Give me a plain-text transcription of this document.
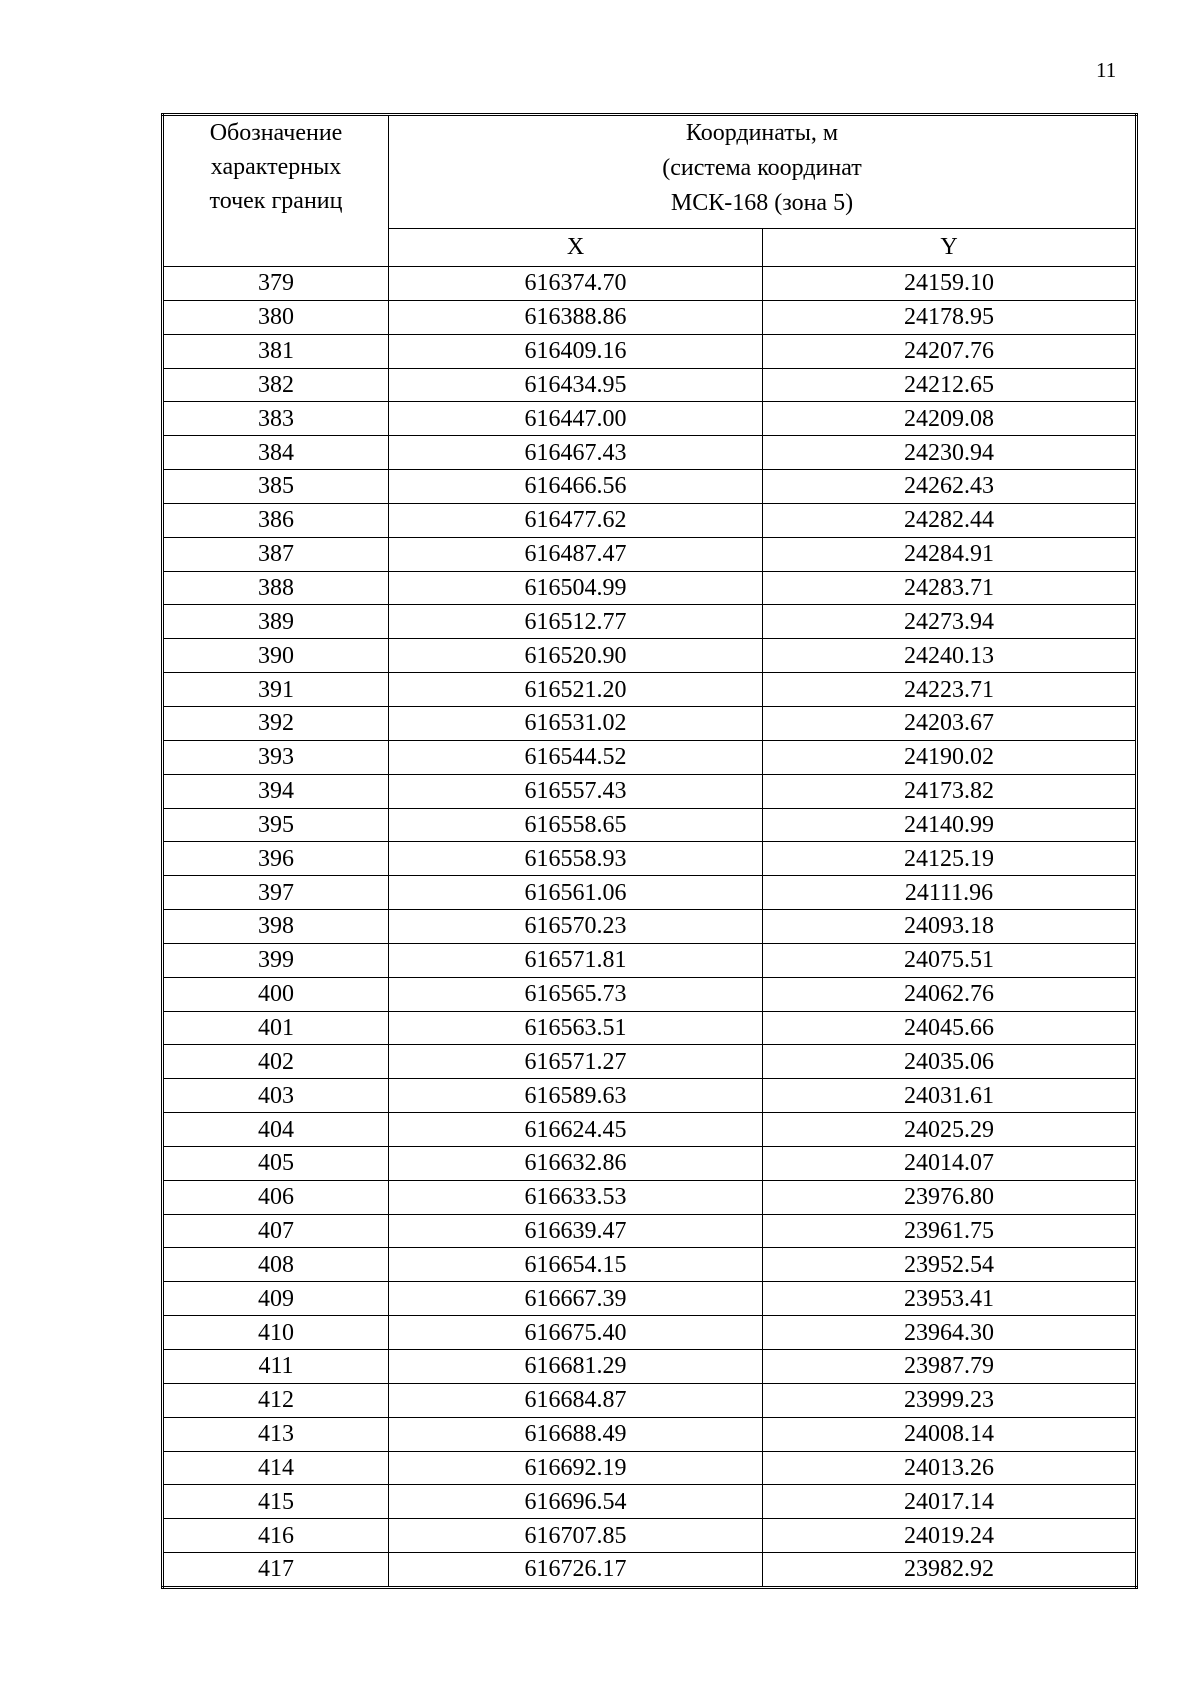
11
Обозначение
характерных
точек границ	Координаты, м
(система координат
МСК-168 (зона 5)	

	X	Y
379	616374.70	24159.10
380	616388.86	24178.95
381	616409.16	24207.76
382	616434.95	24212.65
383	616447.00	24209.08
384	616467.43	24230.94
385	616466.56	24262.43
386	616477.62	24282.44
387	616487.47	24284.91
388	616504.99	24283.71
389	616512.77	24273.94
390	616520.90	24240.13
391	616521.20	24223.71
392	616531.02	24203.67
393	616544.52	24190.02
394	616557.43	24173.82
395	616558.65	24140.99
396	616558.93	24125.19
397	616561.06	24111.96
398	616570.23	24093.18
399	616571.81	24075.51
400	616565.73	24062.76
401	616563.51	24045.66
402	616571.27	24035.06
403	616589.63	24031.61
404	616624.45	24025.29
405	616632.86	24014.07
406	616633.53	23976.80
407	616639.47	23961.75
408	616654.15	23952.54
409	616667.39	23953.41
410	616675.40	23964.30
411	616681.29	23987.79
412	616684.87	23999.23
413	616688.49	24008.14
414	616692.19	24013.26
415	616696.54	24017.14
416	616707.85	24019.24
417	616726.17	23982.92
